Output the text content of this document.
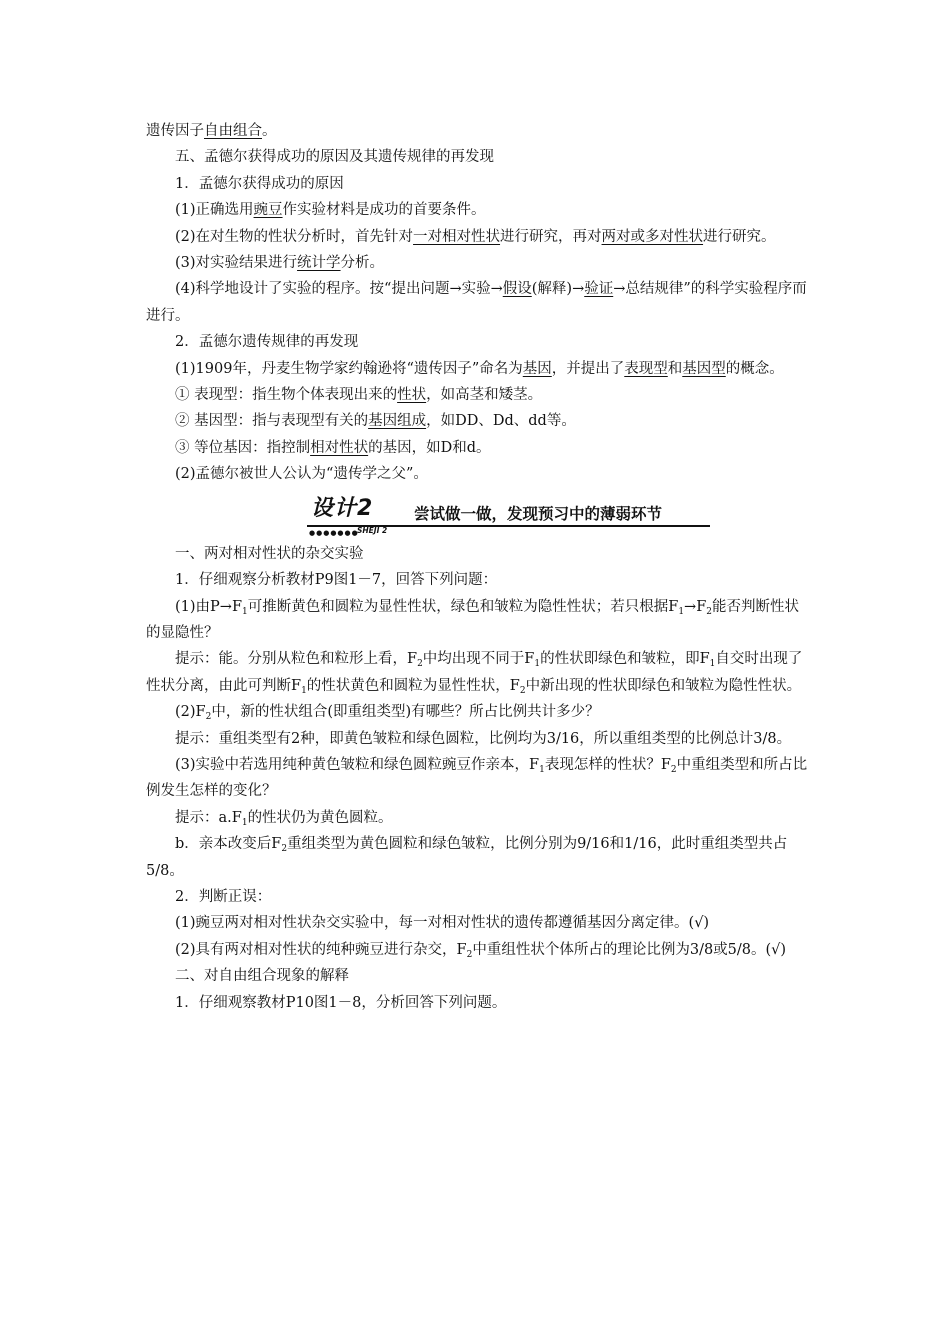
遗传因子自由组合。

五、孟德尔获得成功的原因及其遗传规律的再发现

1．孟德尔获得成功的原因

(1)正确选用豌豆作实验材料是成功的首要条件。

(2)在对生物的性状分析时，首先针对一对相对性状进行研究，再对两对或多对性状进行研究。

(3)对实验结果进行统计学分析。

(4)科学地设计了实验的程序。按“提出问题→实验→假设(解释)→验证→总结规律”的科学实验程序而进行。

2．孟德尔遗传规律的再发现

(1)1909年，丹麦生物学家约翰逊将“遗传因子”命名为基因，并提出了表现型和基因型的概念。

① 表现型：指生物个体表现出来的性状，如高茎和矮茎。

② 基因型：指与表现型有关的基因组成，如DD、Dd、dd等。

③ 等位基因：指控制相对性状的基因，如D和d。

(2)孟德尔被世人公认为“遗传学之父”。

设计2
●●●●●●●
SHEJI 2
尝试做一做，发现预习中的薄弱环节

一、两对相对性状的杂交实验

1．仔细观察分析教材P9图1－7，回答下列问题：

(1)由$P\to F_1$可推断黄色和圆粒为显性性状，绿色和皱粒为隐性性状；若只根据$F_1\to F_2$能否判断性状的显隐性？

提示：能。分别从粒色和粒形上看，$F_2$中均出现不同于$F_1$的性状即绿色和皱粒，即$F_1$自交时出现了性状分离，由此可判断$F_1$的性状黄色和圆粒为显性性状，$F_2$中新出现的性状即绿色和皱粒为隐性性状。

$(2)F_2$中，新的性状组合(即重组类型)有哪些？所占比例共计多少？

提示：重组类型有2种，即黄色皱粒和绿色圆粒，比例均为3/16，所以重组类型的比例总计3/8。

(3)实验中若选用纯种黄色皱粒和绿色圆粒豌豆作亲本，$F_1$表现怎样的性状？$F_2$中重组类型和所占比例发生怎样的变化？

提示：$a.F_1$的性状仍为黄色圆粒。

b．亲本改变后$F_2$重组类型为黄色圆粒和绿色皱粒，比例分别为9/16和1/16，此时重组类型共占5/8。

2．判断正误：

(1)豌豆两对相对性状杂交实验中，每一对相对性状的遗传都遵循基因分离定律。(√)

(2)具有两对相对性状的纯种豌豆进行杂交，$F_2$中重组性状个体所占的理论比例为3/8或5/8。(√)

二、对自由组合现象的解释

1．仔细观察教材P10图1－8，分析回答下列问题。
